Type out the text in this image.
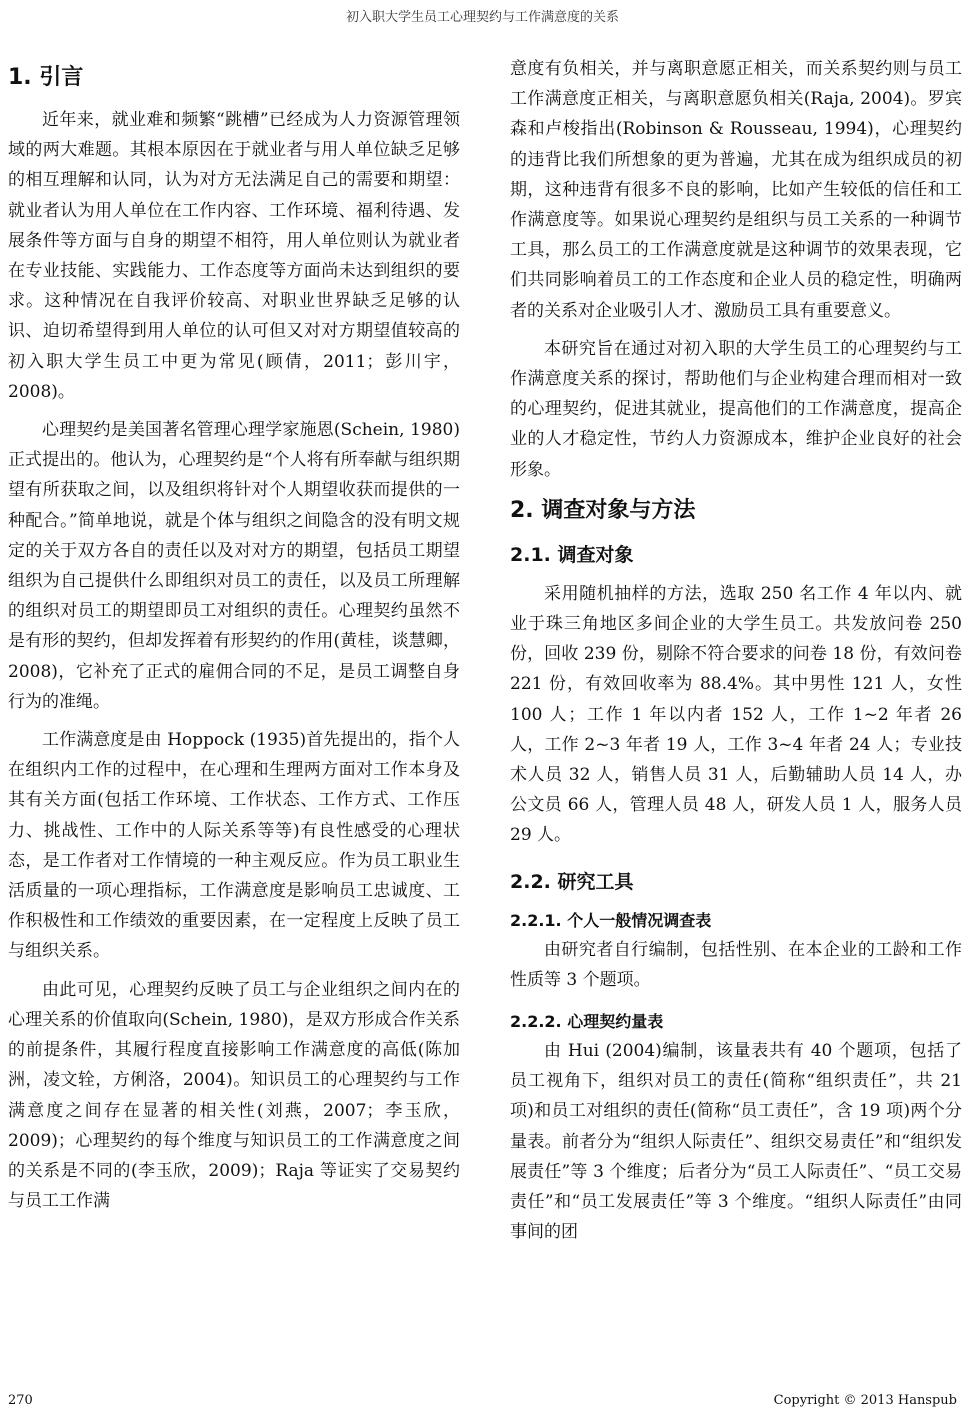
初入职大学生员工心理契约与工作满意度的关系
1. 引言

近年来，就业难和频繁“跳槽”已经成为人力资源管理领域的两大难题。其根本原因在于就业者与用人单位缺乏足够的相互理解和认同，认为对方无法满足自己的需要和期望：就业者认为用人单位在工作内容、工作环境、福利待遇、发展条件等方面与自身的期望不相符，用人单位则认为就业者在专业技能、实践能力、工作态度等方面尚未达到组织的要求。这种情况在自我评价较高、对职业世界缺乏足够的认识、迫切希望得到用人单位的认可但又对对方期望值较高的初入职大学生员工中更为常见(顾倩，2011；彭川宇，2008)。

心理契约是美国著名管理心理学家施恩(Schein, 1980)正式提出的。他认为，心理契约是“个人将有所奉献与组织期望有所获取之间，以及组织将针对个人期望收获而提供的一种配合。”简单地说，就是个体与组织之间隐含的没有明文规定的关于双方各自的责任以及对对方的期望，包括员工期望组织为自己提供什么即组织对员工的责任，以及员工所理解的组织对员工的期望即员工对组织的责任。心理契约虽然不是有形的契约，但却发挥着有形契约的作用(黄桂，谈慧卿，2008)，它补充了正式的雇佣合同的不足，是员工调整自身行为的准绳。

工作满意度是由 Hoppock (1935)首先提出的，指个人在组织内工作的过程中，在心理和生理两方面对工作本身及其有关方面(包括工作环境、工作状态、工作方式、工作压力、挑战性、工作中的人际关系等等)有良性感受的心理状态，是工作者对工作情境的一种主观反应。作为员工职业生活质量的一项心理指标，工作满意度是影响员工忠诚度、工作积极性和工作绩效的重要因素，在一定程度上反映了员工与组织关系。

由此可见，心理契约反映了员工与企业组织之间内在的心理关系的价值取向(Schein, 1980)，是双方形成合作关系的前提条件，其履行程度直接影响工作满意度的高低(陈加洲，凌文辁，方俐洛，2004)。知识员工的心理契约与工作满意度之间存在显著的相关性(刘燕，2007；李玉欣，2009)；心理契约的每个维度与知识员工的工作满意度之间的关系是不同的(李玉欣，2009)；Raja 等证实了交易契约与员工工作满

意度有负相关，并与离职意愿正相关，而关系契约则与员工工作满意度正相关，与离职意愿负相关(Raja, 2004)。罗宾森和卢梭指出(Robinson & Rousseau, 1994)，心理契约的违背比我们所想象的更为普遍，尤其在成为组织成员的初期，这种违背有很多不良的影响，比如产生较低的信任和工作满意度等。如果说心理契约是组织与员工关系的一种调节工具，那么员工的工作满意度就是这种调节的效果表现，它们共同影响着员工的工作态度和企业人员的稳定性，明确两者的关系对企业吸引人才、激励员工具有重要意义。

本研究旨在通过对初入职的大学生员工的心理契约与工作满意度关系的探讨，帮助他们与企业构建合理而相对一致的心理契约，促进其就业，提高他们的工作满意度，提高企业的人才稳定性，节约人力资源成本，维护企业良好的社会形象。

2. 调查对象与方法
2.1. 调查对象

采用随机抽样的方法，选取 250 名工作 4 年以内、就业于珠三角地区多间企业的大学生员工。共发放问卷 250 份，回收 239 份，剔除不符合要求的问卷 18 份，有效问卷 221 份，有效回收率为 88.4%。其中男性 121 人，女性 100 人；工作 1 年以内者 152 人，工作 1~2 年者 26 人，工作 2~3 年者 19 人，工作 3~4 年者 24 人；专业技术人员 32 人，销售人员 31 人，后勤辅助人员 14 人，办公文员 66 人，管理人员 48 人，研发人员 1 人，服务人员 29 人。

2.2. 研究工具
2.2.1. 个人一般情况调查表

由研究者自行编制，包括性别、在本企业的工龄和工作性质等 3 个题项。

2.2.2. 心理契约量表

由 Hui (2004)编制，该量表共有 40 个题项，包括了员工视角下，组织对员工的责任(简称“组织责任”，共 21 项)和员工对组织的责任(简称“员工责任”，含 19 项)两个分量表。前者分为“组织人际责任”、组织交易责任”和“组织发展责任”等 3 个维度；后者分为“员工人际责任”、“员工交易责任”和“员工发展责任”等 3 个维度。“组织人际责任”由同事间的团

270	Copyright © 2013 Hanspub
